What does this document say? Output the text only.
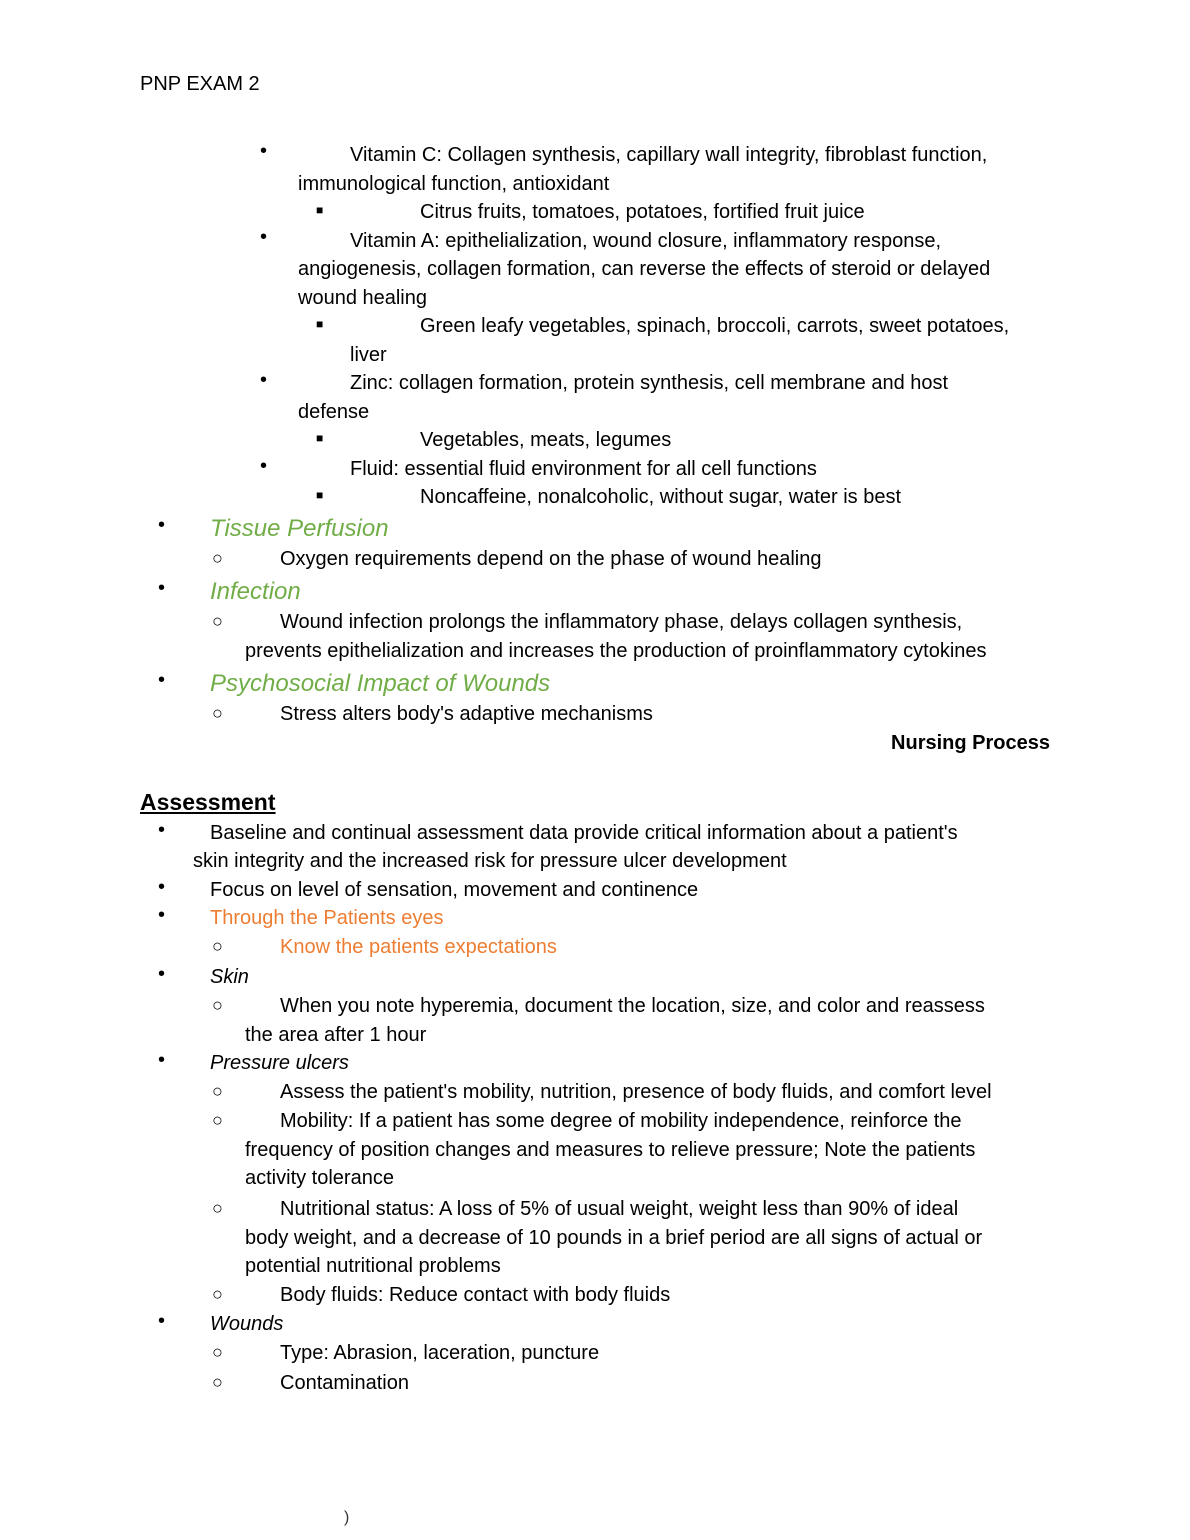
PNP EXAM 2
•	Vitamin C: Collagen synthesis, capillary wall integrity, fibroblast function,
immunological function, antioxidant
■	Citrus fruits, tomatoes, potatoes, fortified fruit juice
•	Vitamin A: epithelialization, wound closure, inflammatory response,
angiogenesis, collagen formation, can reverse the effects of steroid or delayed
wound healing
■	Green leafy vegetables, spinach, broccoli, carrots, sweet potatoes,
liver
•	Zinc: collagen formation, protein synthesis, cell membrane and host
defense
■	Vegetables, meats, legumes
•	Fluid: essential fluid environment for all cell functions
■	Noncaffeine, nonalcoholic, without sugar, water is best
• Tissue Perfusion
○	Oxygen requirements depend on the phase of wound healing
• Infection
○	Wound infection prolongs the inflammatory phase, delays collagen synthesis,
prevents epithelialization and increases the production of proinflammatory cytokines
• Psychosocial Impact of Wounds
○	Stress alters body's adaptive mechanisms
Nursing Process
Assessment
• Baseline and continual assessment data provide critical information about a patient's
skin integrity and the increased risk for pressure ulcer development
• Focus on level of sensation, movement and continence
• Through the Patients eyes
○	Know the patients expectations
• Skin
○	When you note hyperemia, document the location, size, and color and reassess
the area after 1 hour
• Pressure ulcers
○	Assess the patient's mobility, nutrition, presence of body fluids, and comfort level
○	Mobility: If a patient has some degree of mobility independence, reinforce the
frequency of position changes and measures to relieve pressure; Note the patients
activity tolerance
○	Nutritional status: A loss of 5% of usual weight, weight less than 90% of ideal
body weight, and a decrease of 10 pounds in a brief period are all signs of actual or
potential nutritional problems
○	Body fluids: Reduce contact with body fluids
• Wounds
○	Type: Abrasion, laceration, puncture
○	Contamination
)
